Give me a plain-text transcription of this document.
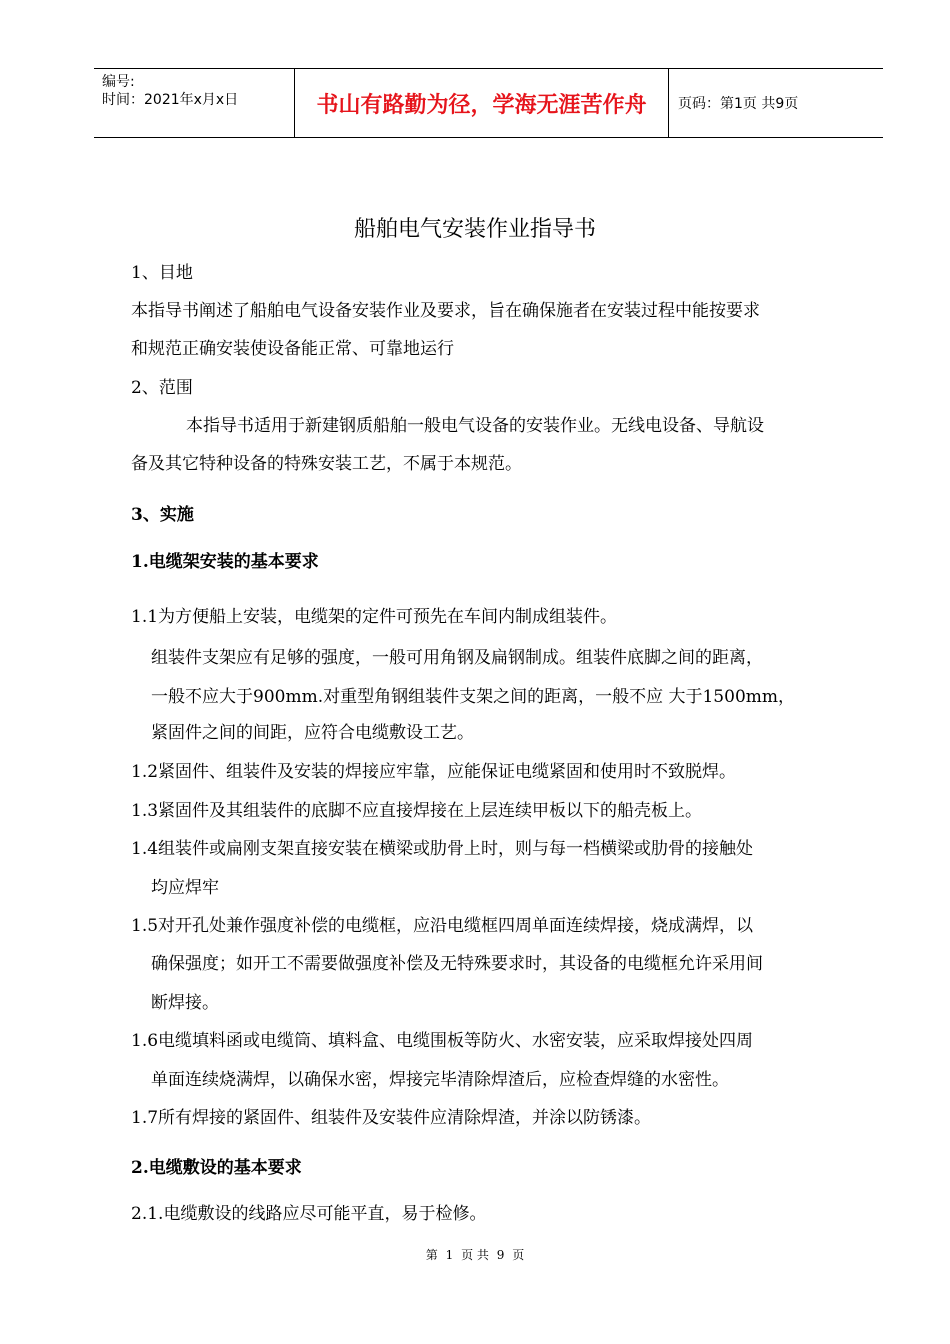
编号:
时间：2021年x月x日	书山有路勤为径，学海无涯苦作舟	页码：第1页 共9页
船舶电气安装作业指导书
1、目地
本指导书阐述了船舶电气设备安装作业及要求，旨在确保施者在安装过程中能按要求
和规范正确安装使设备能正常、可靠地运行
2、范围
本指导书适用于新建钢质船舶一般电气设备的安装作业。无线电设备、导航设
备及其它特种设备的特殊安装工艺，不属于本规范。
3、实施
1.电缆架安装的基本要求
1.1为方便船上安装，电缆架的定件可预先在车间内制成组装件。
组装件支架应有足够的强度，一般可用角钢及扁钢制成。组装件底脚之间的距离，
一般不应大于900mm.对重型角钢组装件支架之间的距离，一般不应 大于1500mm，
紧固件之间的间距，应符合电缆敷设工艺。
1.2紧固件、组装件及安装的焊接应牢靠，应能保证电缆紧固和使用时不致脱焊。
1.3紧固件及其组装件的底脚不应直接焊接在上层连续甲板以下的船壳板上。
1.4组装件或扁刚支架直接安装在横梁或肋骨上时，则与每一档横梁或肋骨的接触处
均应焊牢
1.5对开孔处兼作强度补偿的电缆框，应沿电缆框四周单面连续焊接，烧成满焊，以
确保强度；如开工不需要做强度补偿及无特殊要求时，其设备的电缆框允许采用间
断焊接。
1.6电缆填料函或电缆筒、填料盒、电缆围板等防火、水密安装，应采取焊接处四周
单面连续烧满焊，以确保水密，焊接完毕清除焊渣后，应检查焊缝的水密性。
1.7所有焊接的紧固件、组装件及安装件应清除焊渣，并涂以防锈漆。
2.电缆敷设的基本要求
2.1.电缆敷设的线路应尽可能平直，易于检修。
第 1 页 共 9 页
